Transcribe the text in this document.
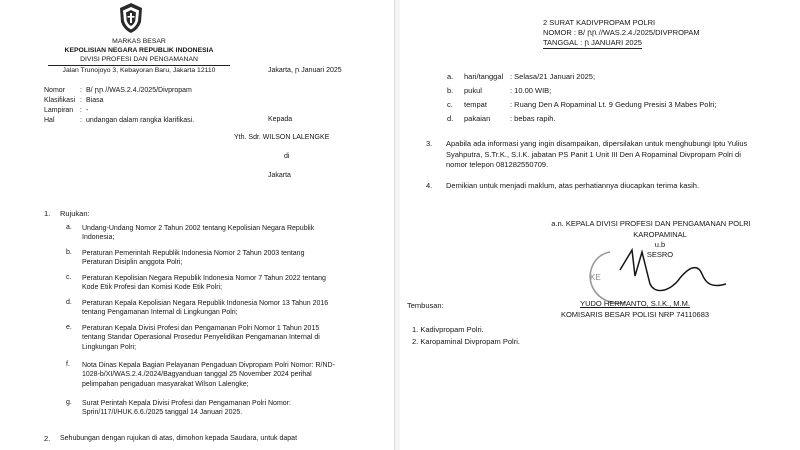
MARKAS BESAR
KEPOLISIAN NEGARA REPUBLIK INDONESIA
DIVISI PROFESI DAN PENGAMANAN
Jalan Trunojoyo 3, Kebayoran Baru, Jakarta 12110	Jakarta, ꞃ Januari 2025
Nomor : B/ ꞃꞃ //WAS.2.4./2025/Divpropam
Klasifikasi : Biasa
Lampiran : -
Hal	: undangan dalam rangka klarifikasi.	Kepada
Yth. Sdr. WILSON LALENGKE
di
Jakarta
1. Rujukan:
a. Undang-Undang Nomor 2 Tahun 2002 tentang Kepolisian Negara Republik Indonesia;
b. Peraturan Pemerintah Republik Indonesia Nomor 2 Tahun 2003 tentang Peraturan Disiplin anggota Polri;
c. Peraturan Kepolisian Negara Republik Indonesia Nomor 7 Tahun 2022 tentang Kode Etik Profesi dan Komisi Kode Etik Polri;
d. Peraturan Kepala Kepolisian Negara Republik Indonesia Nomor 13 Tahun 2016 tentang Pengamanan Internal di Lingkungan Polri;
e. Peraturan Kepala Divisi Profesi dan Pengamanan Polri Nomor 1 Tahun 2015 tentang Standar Operasional Prosedur Penyelidikan Pengamanan Internal di Lingkungan Polri;
f. Nota Dinas Kepala Bagian Pelayanan Pengaduan Divpropam Polri Nomor: R/ND-1028-b/XI/WAS.2.4./2024/Bagyanduan tanggal 25 November 2024 perihal pelimpahan pengaduan masyarakat Wilson Lalengke;
g. Surat Perintah Kepala Divisi Profesi dan Pengamanan Polri Nomor: Sprin/117/I/HUK.6.6./2025 tanggal 14 Januari 2025.
2. Sehubungan dengan rujukan di atas, dimohon kepada Saudara, untuk dapat
2 SURAT KADIVPROPAM POLRI
NOMOR : B/ ꞃꞃ //WAS.2.4./2025/DIVPROPAM
TANGGAL : ꞃ JANUARI 2025
a. hari/tanggal : Selasa/21 Januari 2025;
b. pukul	: 10.00 WIB;
c. tempat	: Ruang Den A Ropaminal Lt. 9 Gedung Presisi 3 Mabes Polri;
d. pakaian	: bebas rapih.
3. Apabila ada informasi yang ingin disampaikan, dipersilakan untuk menghubungi Iptu Yulius Syahputra, S.Tr.K., S.I.K. jabatan PS Panit 1 Unit III Den A Ropaminal Divpropam Polri di nomor telepon 081282550709.
4. Demikian untuk menjadi maklum, atas perhatiannya diucapkan terima kasih.
a.n. KEPALA DIVISI PROFESI DAN PENGAMANAN POLRI
KAROPAMINAL
u.b
SESRO
KE
YUDO HERMANTO, S.I.K., M.M.
KOMISARIS BESAR POLISI NRP 74110683
Tembusan:
1. Kadivpropam Polri.
2. Karopaminal Divpropam Polri.
